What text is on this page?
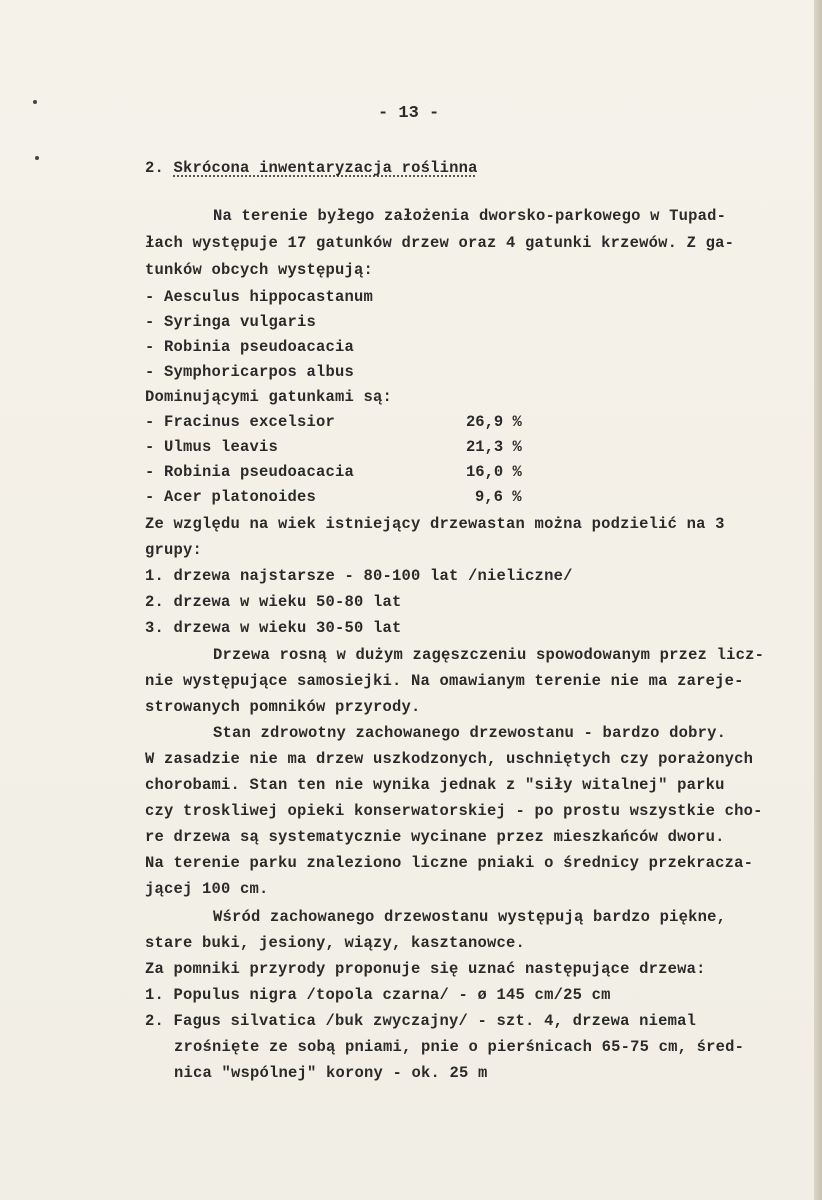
- 13 -
2. Skrócona inwentaryzacja roślinna
Na terenie byłego założenia dworsko-parkowego w Tupad-
łach występuje 17 gatunków drzew oraz 4 gatunki krzewów. Z ga-
tunków obcych występują:
- Aesculus hippocastanum
- Syringa vulgaris
- Robinia pseudoacacia
- Symphoricarpos albus
Dominującymi gatunkami są:
- Fracinus excelsior	26,9 %
- Ulmus leavis	21,3 %
- Robinia pseudoacacia	16,0 %
- Acer platonoides	9,6 %
Ze względu na wiek istniejący drzewastan można podzielić na 3
grupy:
1. drzewa najstarsze - 80-100 lat /nieliczne/
2. drzewa w wieku 50-80 lat
3. drzewa w wieku 30-50 lat
Drzewa rosną w dużym zagęszczeniu spowodowanym przez licz-
nie występujące samosiejki. Na omawianym terenie nie ma zareje-
strowanych pomników przyrody.
Stan zdrowotny zachowanego drzewostanu - bardzo dobry.
W zasadzie nie ma drzew uszkodzonych, uschniętych czy porażonych
chorobami. Stan ten nie wynika jednak z "siły witalnej" parku
czy troskliwej opieki konserwatorskiej - po prostu wszystkie cho-
re drzewa są systematycznie wycinane przez mieszkańców dworu.
Na terenie parku znaleziono liczne pniaki o średnicy przekracza-
jącej 100 cm.
Wśród zachowanego drzewostanu występują bardzo piękne,
stare buki, jesiony, wiązy, kasztanowce.
Za pomniki przyrody proponuje się uznać następujące drzewa:
1. Populus nigra /topola czarna/ - ø 145 cm/25 cm
2. Fagus silvatica /buk zwyczajny/ - szt. 4, drzewa niemal
zrośnięte ze sobą pniami, pnie o pierśnicach 65-75 cm, śred-
nica "wspólnej" korony - ok. 25 m
